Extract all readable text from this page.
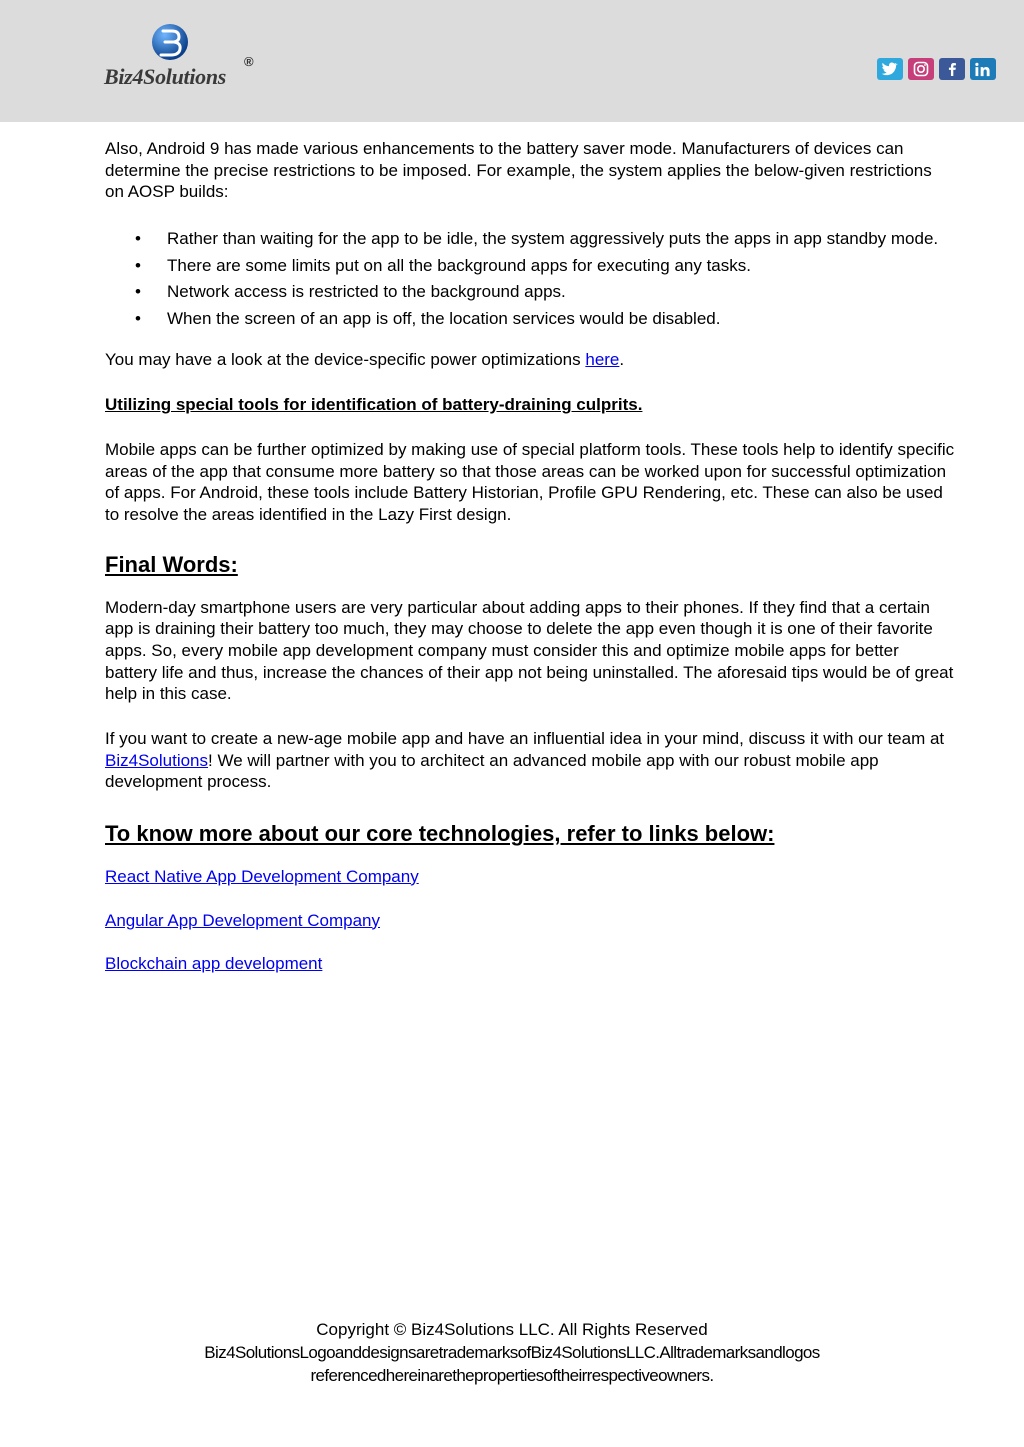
Biz4Solutions
®

Also, Android 9 has made various enhancements to the battery saver mode. Manufacturers of devices can determine the precise restrictions to be imposed. For example, the system applies the below-given restrictions on AOSP builds:

• Rather than waiting for the app to be idle, the system aggressively puts the apps in app standby mode.
• There are some limits put on all the background apps for executing any tasks.
• Network access is restricted to the background apps.
• When the screen of an app is off, the location services would be disabled.

You may have a look at the device-specific power optimizations here.

Utilizing special tools for identification of battery-draining culprits.

Mobile apps can be further optimized by making use of special platform tools. These tools help to identify specific areas of the app that consume more battery so that those areas can be worked upon for successful optimization of apps. For Android, these tools include Battery Historian, Profile GPU Rendering, etc. These can also be used to resolve the areas identified in the Lazy First design.

Final Words:

Modern-day smartphone users are very particular about adding apps to their phones. If they find that a certain app is draining their battery too much, they may choose to delete the app even though it is one of their favorite apps. So, every mobile app development company must consider this and optimize mobile apps for better battery life and thus, increase the chances of their app not being uninstalled. The aforesaid tips would be of great help in this case.

If you want to create a new-age mobile app and have an influential idea in your mind, discuss it with our team at Biz4Solutions! We will partner with you to architect an advanced mobile app with our robust mobile app development process.

To know more about our core technologies, refer to links below:

React Native App Development Company

Angular App Development Company

Blockchain app development

Copyright © Biz4Solutions LLC. All Rights Reserved
Biz4SolutionsLogoanddesignsaretrademarksofBiz4SolutionsLLC.Alltrademarksandlogos
referencedhereinarethepropertiesoftheirrespectiveowners.
